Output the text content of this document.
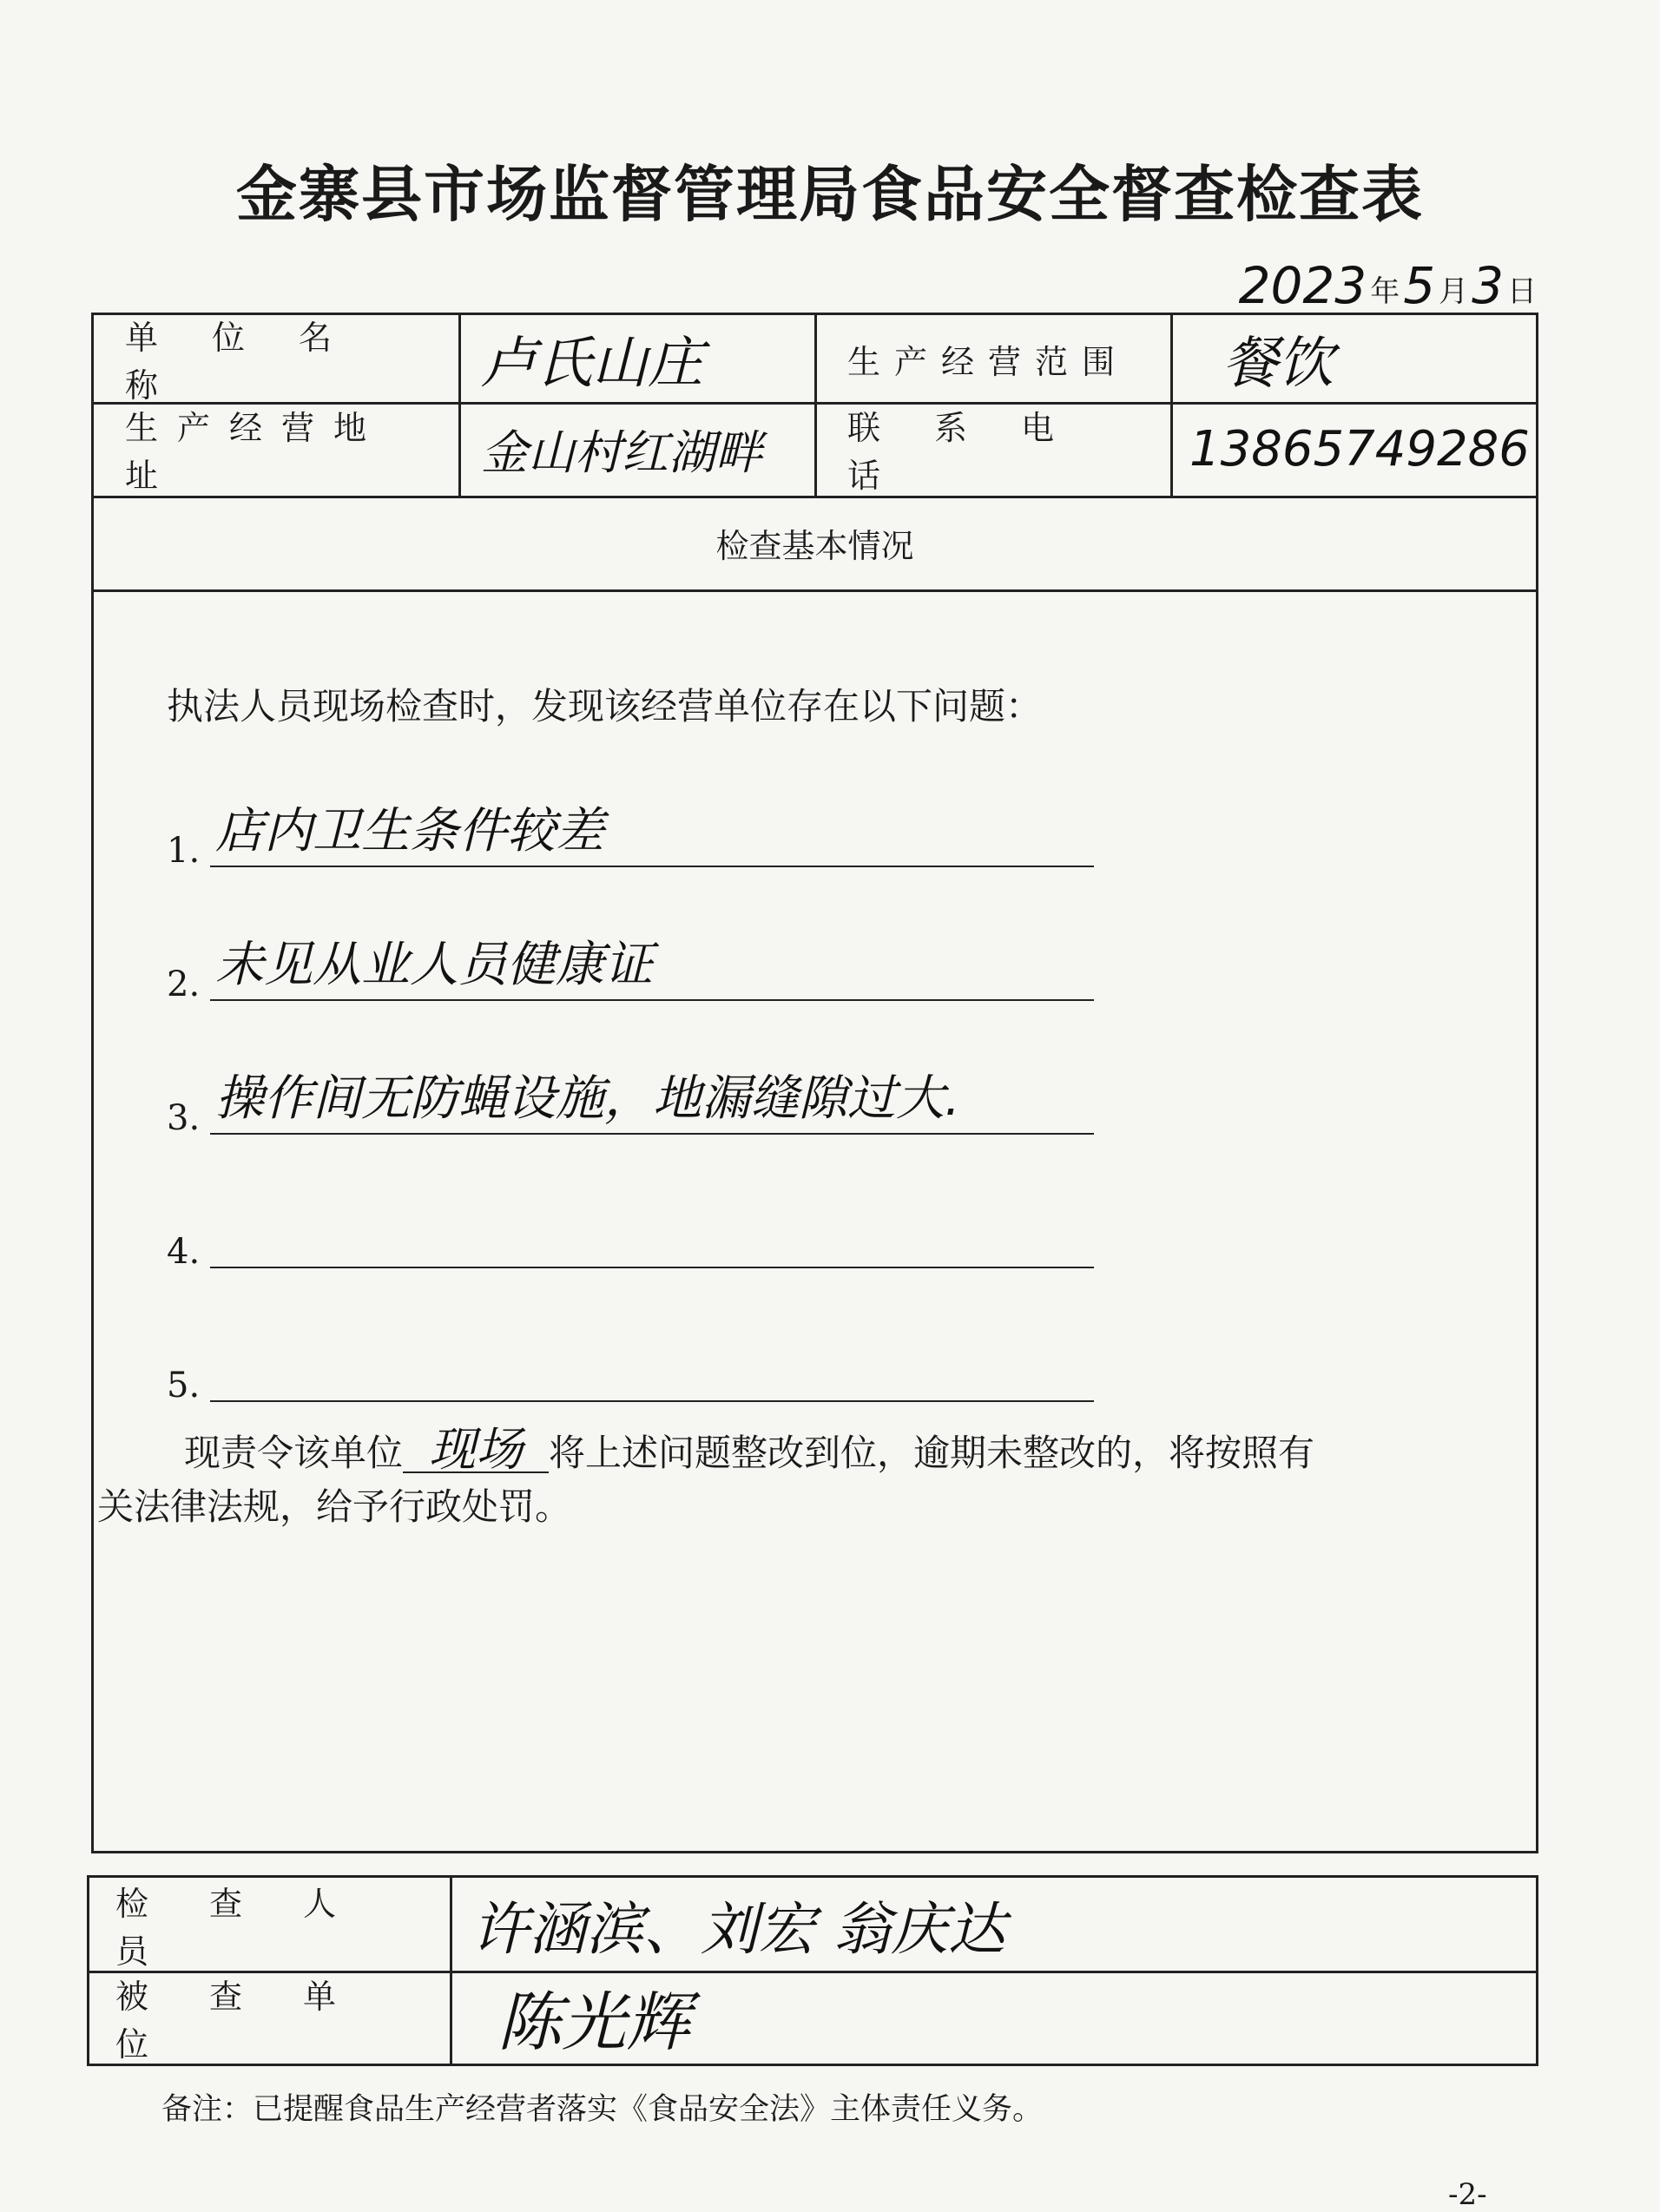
金寨县市场监督管理局食品安全督查检查表
2023 年 5 月 3 日
单位名称	卢氏山庄	生产经营范围 餐饮
生产经营地址	金山村红湖畔	联系电话	13865749286
检查基本情况
执法人员现场检查时，发现该经营单位存在以下问题：
1. 店内卫生条件较差
2. 未见从业人员健康证
3. 操作间无防蝇设施，地漏缝隙过大.
4.
5.
现责令该单位 现场 将上述问题整改到位，逾期未整改的，将按照有
关法律法规，给予行政处罚。
检查人员	许涵滨、刘宏 翁庆达
被查单位	陈光辉
备注：已提醒食品生产经营者落实《食品安全法》主体责任义务。
-2-
